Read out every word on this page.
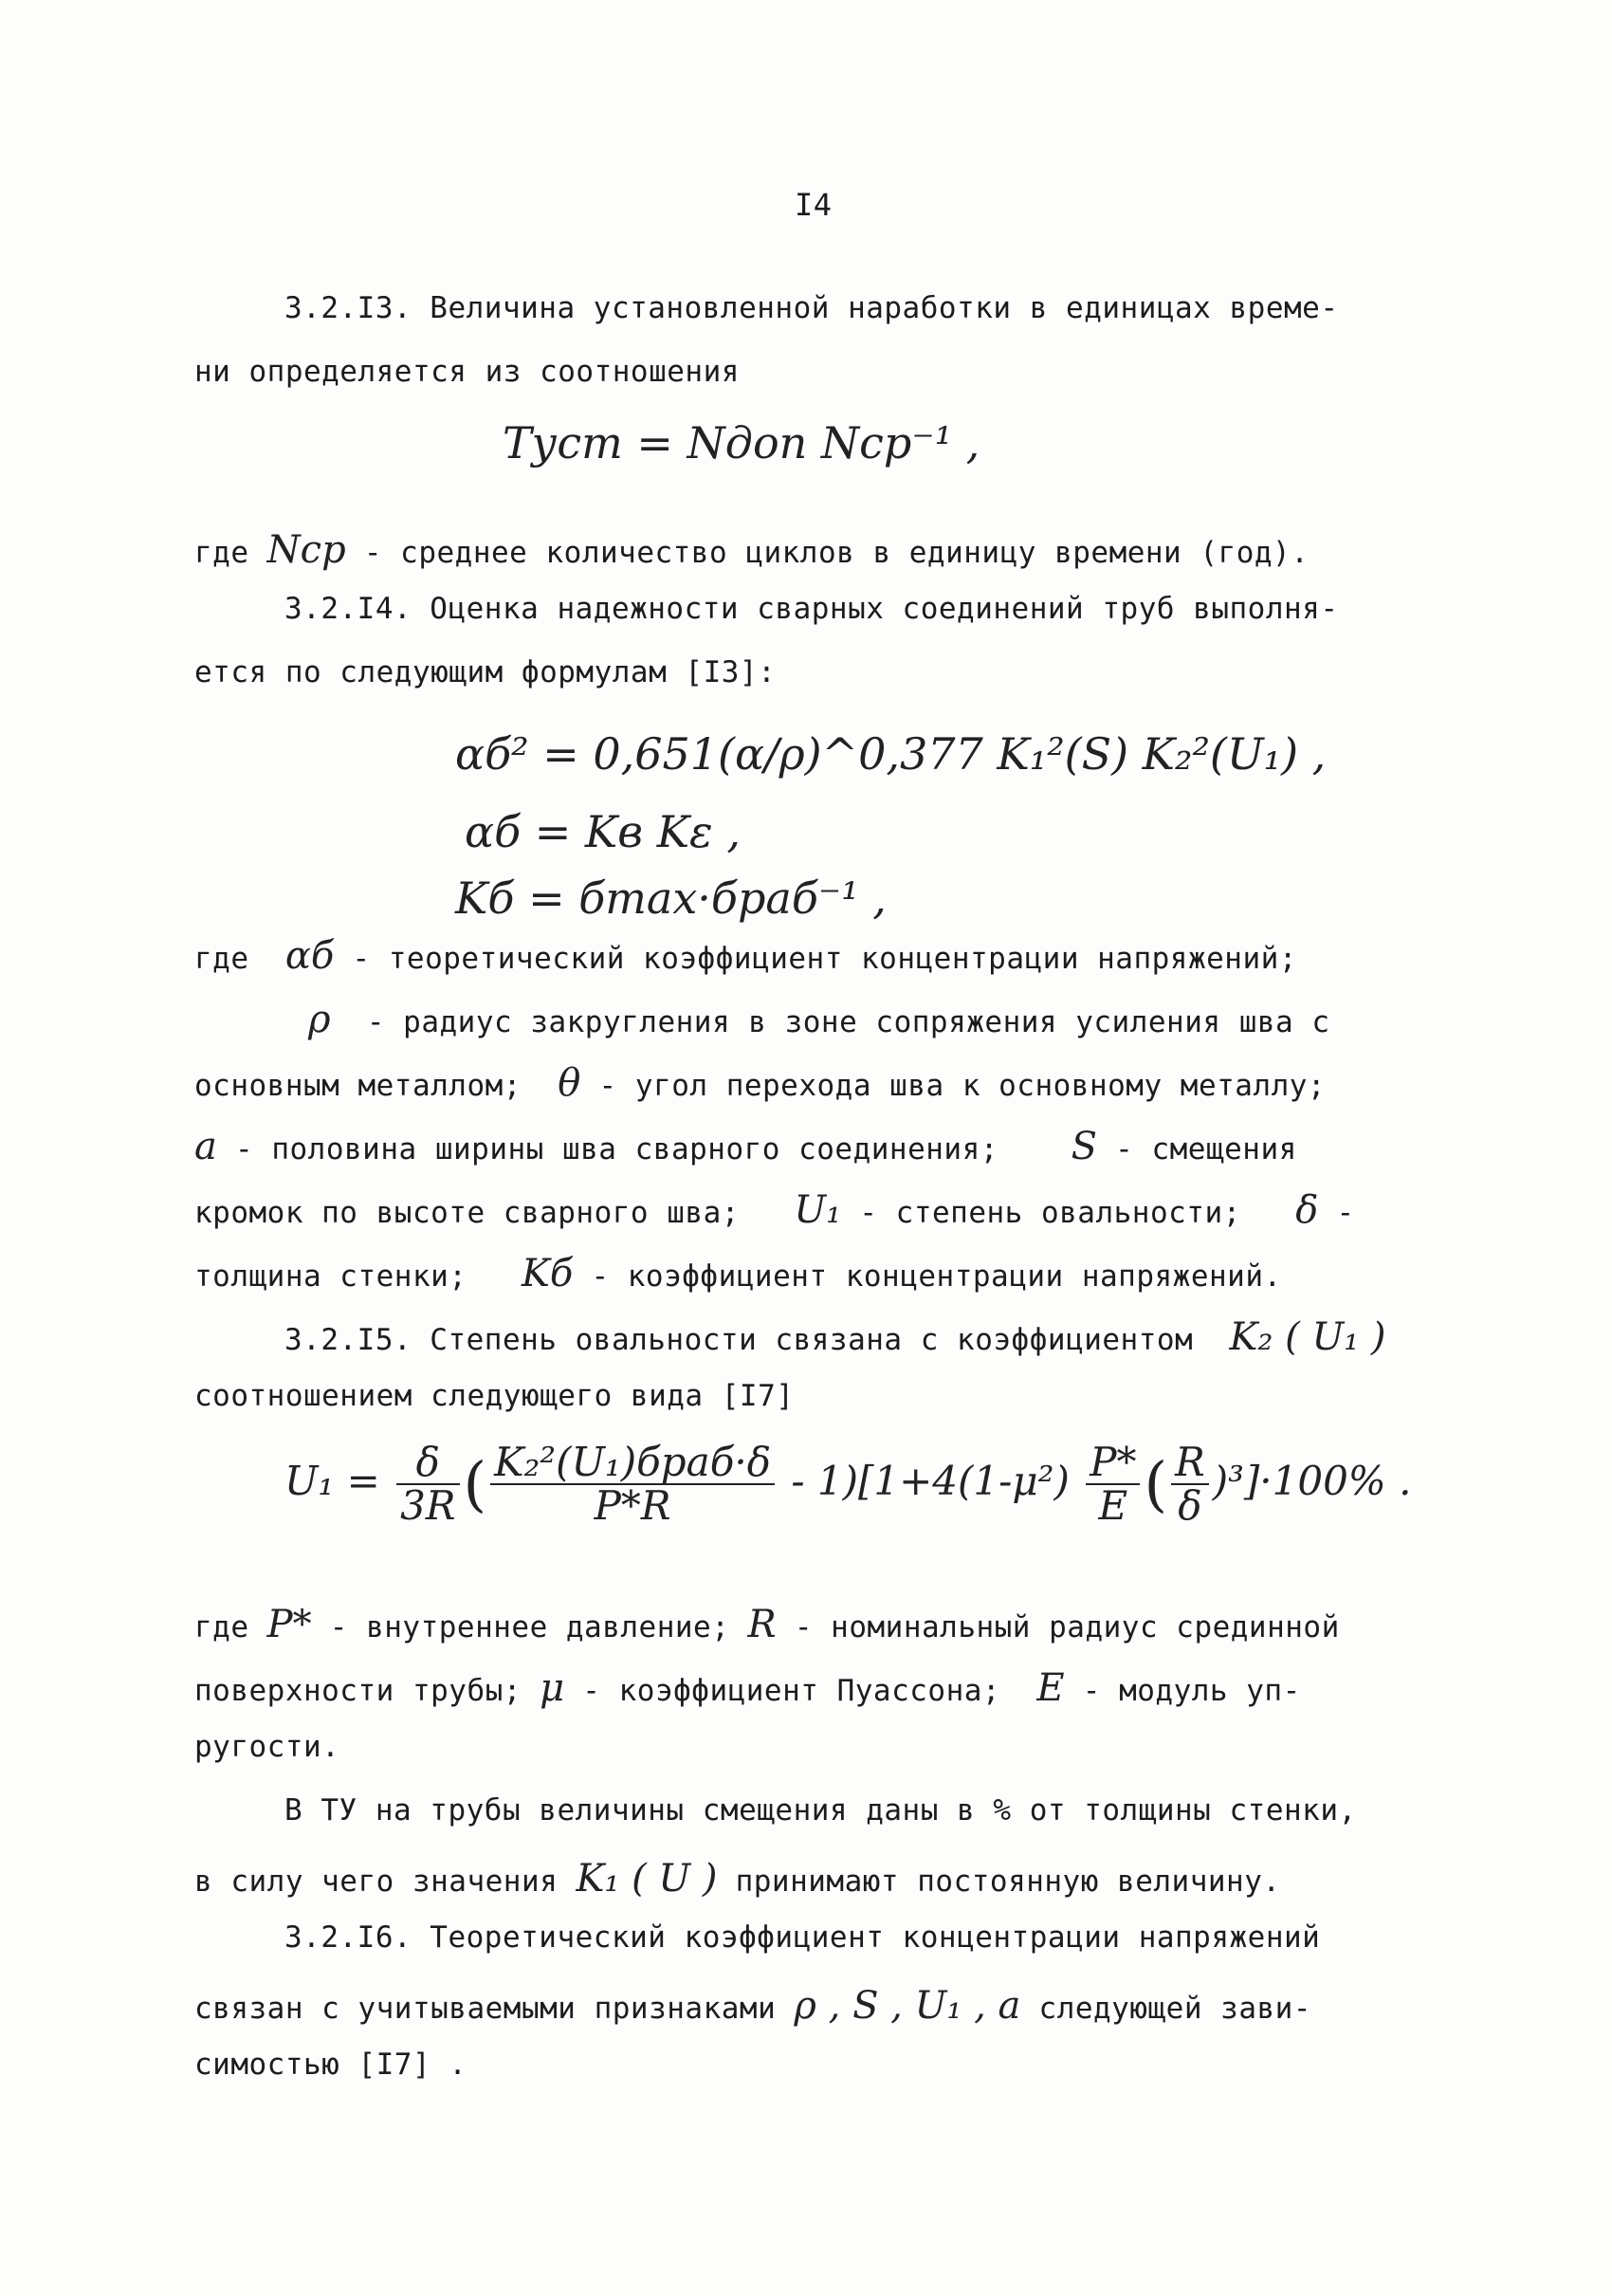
I4
3.2.I3. Величина установленной наработки в единицах време-
ни определяется из соотношения
Tуст = Nдоп Nср⁻¹ ,
где Nср - среднее количество циклов в единицу времени (год).
3.2.I4. Оценка надежности сварных соединений труб выполня-
ется по следующим формулам [I3]:
αб² = 0,651(α/ρ)^0,377 K₁²(S) K₂²(U₁) ,
αб = Kв Kε ,
Kб = бmax·браб⁻¹ ,
где αб - теоретический коэффициент концентрации напряжений;
ρ - радиус закругления в зоне сопряжения усиления шва с
основным металлом; θ - угол перехода шва к основному металлу;
a - половина ширины шва сварного соединения; S - смещения
кромок по высоте сварного шва; U₁ - степень овальности; δ -
толщина стенки; Kб - коэффициент концентрации напряжений.
3.2.I5. Степень овальности связана с коэффициентом K₂ ( U₁ )
соотношением следующего вида [I7]
$U_1 = \frac{\delta}{3R}$ ( $\frac{\text{K₂²(U₁)бpaб·δ}}{P*R} - 1)[1+4(1-\mu^2) \frac{P*}{E}$ ( $\frac{R}{\delta} )^3]\cdot 100\%$ .
где P* - внутреннее давление; R - номинальный радиус срединной
поверхности трубы; μ - коэффициент Пуассона; E - модуль уп-
ругости.
В ТУ на трубы величины смещения даны в % от толщины стенки,
в силу чего значения K₁ ( U ) принимают постоянную величину.
3.2.I6. Теоретический коэффициент концентрации напряжений
связан с учитываемыми признаками ρ , S , U₁ , a следующей зави-
симостью [I7] .
